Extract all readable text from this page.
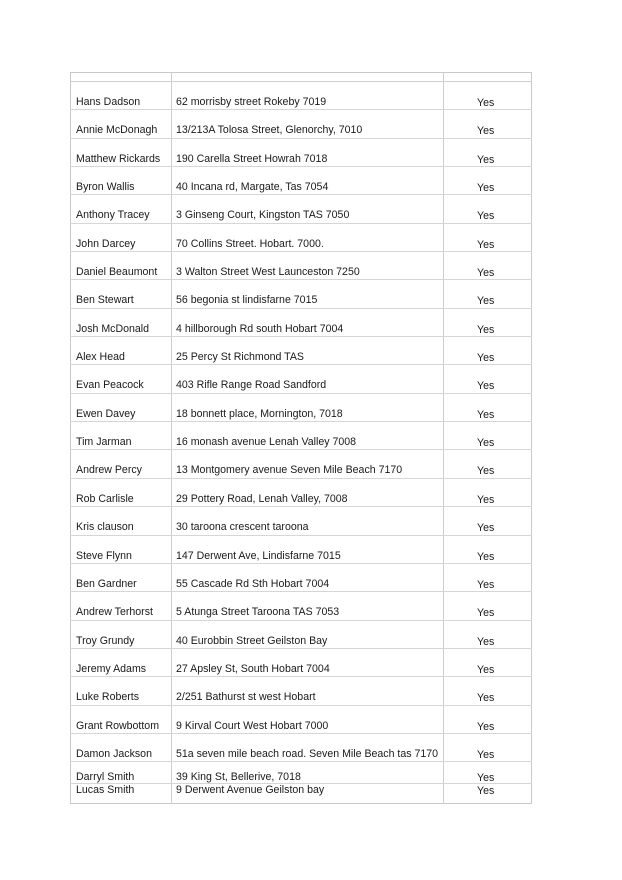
Hans Dadson	62 morrisby street Rokeby 7019	Yes
Annie McDonagh 13/213A Tolosa Street, Glenorchy, 7010	Yes
Matthew Rickards 190 Carella Street Howrah 7018	Yes
Byron Wallis	40 Incana rd, Margate, Tas 7054	Yes
Anthony Tracey 3 Ginseng Court, Kingston TAS 7050	Yes
John Darcey	70 Collins Street. Hobart. 7000.	Yes
Daniel Beaumont 3 Walton Street West Launceston 7250	Yes
Ben Stewart	56 begonia st lindisfarne 7015	Yes
Josh McDonald	4 hillborough Rd south Hobart 7004	Yes
Alex Head	25 Percy St Richmond TAS	Yes
Evan Peacock	403 Rifle Range Road Sandford	Yes
Ewen Davey	18 bonnett place, Mornington, 7018	Yes
Tim Jarman	16 monash avenue Lenah Valley 7008	Yes
Andrew Percy	13 Montgomery avenue Seven Mile Beach 7170	Yes
Rob Carlisle	29 Pottery Road, Lenah Valley, 7008	Yes
Kris clauson	30 taroona crescent taroona	Yes
Steve Flynn	147 Derwent Ave, Lindisfarne 7015	Yes
Ben Gardner	55 Cascade Rd Sth Hobart 7004	Yes
Andrew Terhorst 5 Atunga Street Taroona TAS 7053	Yes
Troy Grundy	40 Eurobbin Street Geilston Bay	Yes
Jeremy Adams	27 Apsley St, South Hobart 7004	Yes
Luke Roberts	2/251 Bathurst st west Hobart	Yes
Grant Rowbottom 9 Kirval Court West Hobart 7000	Yes
Damon Jackson 51a seven mile beach road. Seven Mile Beach tas 7170	Yes
Darryl Smith	39 King St, Bellerive, 7018	Yes
Lucas Smith	9 Derwent Avenue Geilston bay	Yes
